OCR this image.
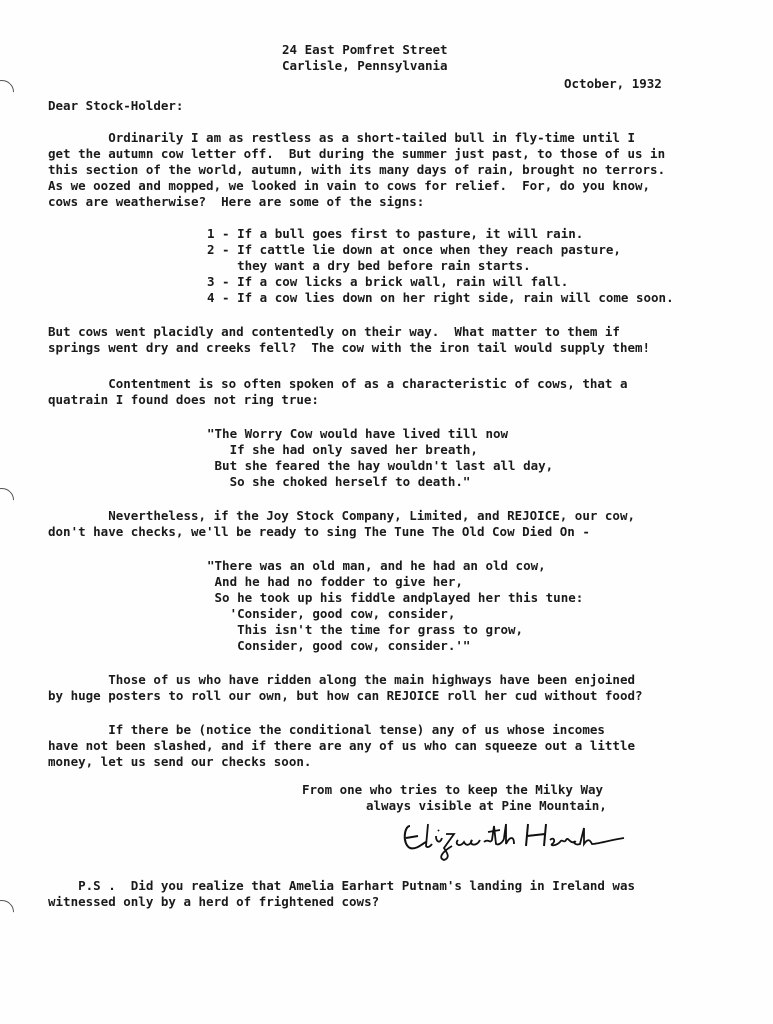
24 East Pomfret Street
Carlisle, Pennsylvania
October, 1932
Dear Stock-Holder:
Ordinarily I am as restless as a short-tailed bull in fly-time until I
get the autumn cow letter off.  But during the summer just past, to those of us in
this section of the world, autumn, with its many days of rain, brought no terrors.
As we oozed and mopped, we looked in vain to cows for relief.  For, do you know,
cows are weatherwise?  Here are some of the signs:
1 - If a bull goes first to pasture, it will rain.
2 - If cattle lie down at once when they reach pasture,
they want a dry bed before rain starts.
3 - If a cow licks a brick wall, rain will fall.
4 - If a cow lies down on her right side, rain will come soon.
But cows went placidly and contentedly on their way.  What matter to them if
springs went dry and creeks fell?  The cow with the iron tail would supply them!
Contentment is so often spoken of as a characteristic of cows, that a
quatrain I found does not ring true:
"The Worry Cow would have lived till now
If she had only saved her breath,
But she feared the hay wouldn't last all day,
So she choked herself to death."
Nevertheless, if the Joy Stock Company, Limited, and REJOICE, our cow,
don't have checks, we'll be ready to sing The Tune The Old Cow Died On -
"There was an old man, and he had an old cow,
And he had no fodder to give her,
So he took up his fiddle andplayed her this tune:
'Consider, good cow, consider,
This isn't the time for grass to grow,
Consider, good cow, consider.'"
Those of us who have ridden along the main highways have been enjoined
by huge posters to roll our own, but how can REJOICE roll her cud without food?
If there be (notice the conditional tense) any of us whose incomes
have not been slashed, and if there are any of us who can squeeze out a little
money, let us send our checks soon.
From one who tries to keep the Milky Way
always visible at Pine Mountain,
P.S .  Did you realize that Amelia Earhart Putnam's landing in Ireland was
witnessed only by a herd of frightened cows?
